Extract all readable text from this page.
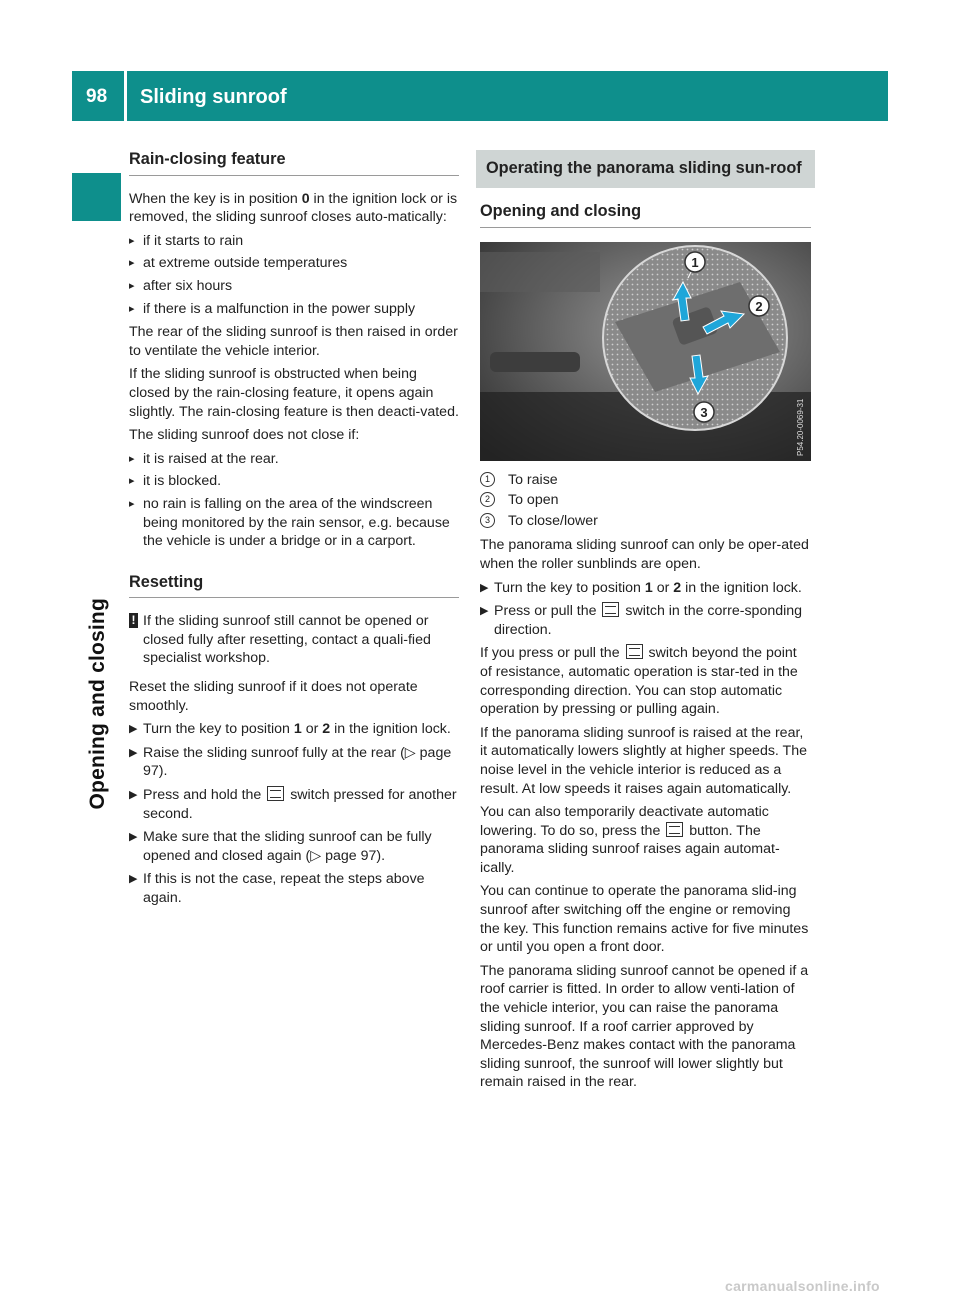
98 Sliding sunroof
Opening and closing
Rain-closing feature

When the key is in position 0 in the ignition lock or is removed, the sliding sunroof closes auto-matically:

▸ if it starts to rain
▸ at extreme outside temperatures
▸ after six hours
▸ if there is a malfunction in the power supply

The rear of the sliding sunroof is then raised in order to ventilate the vehicle interior.

If the sliding sunroof is obstructed when being closed by the rain-closing feature, it opens again slightly. The rain-closing feature is then deacti-vated.

The sliding sunroof does not close if:

▸ it is raised at the rear.
▸ it is blocked.
▸ no rain is falling on the area of the windscreen being monitored by the rain sensor, e.g. because the vehicle is under a bridge or in a carport.
Resetting
! If the sliding sunroof still cannot be opened or closed fully after resetting, contact a quali-fied specialist workshop.

Reset the sliding sunroof if it does not operate smoothly.

▶ Turn the key to position 1 or 2 in the ignition lock.
▶ Raise the sliding sunroof fully at the rear (▷ page 97).
▶ Press and hold the  switch pressed for another second.
▶ Make sure that the sliding sunroof can be fully opened and closed again (▷ page 97).
▶ If this is not the case, repeat the steps above again.
Operating the panorama sliding sun-roof
Opening and closing
1
2
3	P54.20-0069-31
1	To raise
2	To open
3	To close/lower

The panorama sliding sunroof can only be oper-ated when the roller sunblinds are open.

▶ Turn the key to position 1 or 2 in the ignition lock.
▶ Press or pull the  switch in the corre-sponding direction.

If you press or pull the  switch beyond the point of resistance, automatic operation is star-ted in the corresponding direction. You can stop automatic operation by pressing or pulling again.

If the panorama sliding sunroof is raised at the rear, it automatically lowers slightly at higher speeds. The noise level in the vehicle interior is reduced as a result. At low speeds it raises again automatically.

You can also temporarily deactivate automatic lowering. To do so, press the  button. The panorama sliding sunroof raises again automat-ically.

You can continue to operate the panorama slid-ing sunroof after switching off the engine or removing the key. This function remains active for five minutes or until you open a front door.

The panorama sliding sunroof cannot be opened if a roof carrier is fitted. In order to allow venti-lation of the vehicle interior, you can raise the panorama sliding sunroof. If a roof carrier approved by Mercedes-Benz makes contact with the panorama sliding sunroof, the sunroof will lower slightly but remain raised in the rear.

carmanualsonline.info
